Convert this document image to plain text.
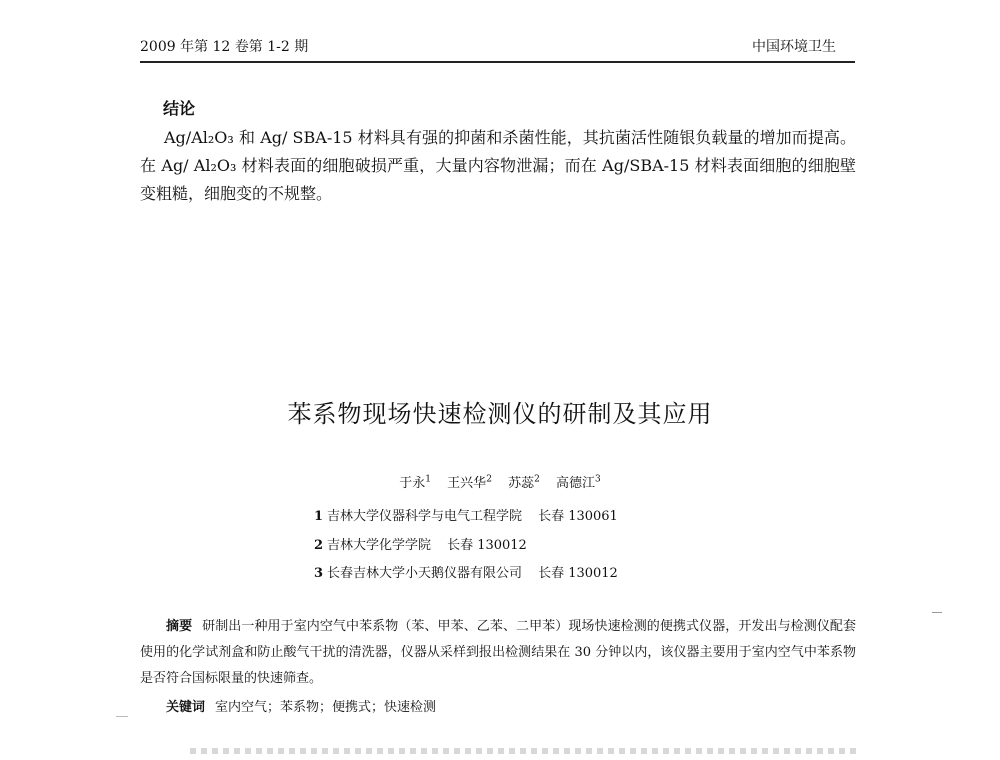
2009 年第 12 卷第 1-2 期	中国环境卫生
结论
Ag/Al₂O₃ 和 Ag/ SBA-15 材料具有强的抑菌和杀菌性能，其抗菌活性随银负载量的增加而提高。在 Ag/ Al₂O₃ 材料表面的细胞破损严重，大量内容物泄漏；而在 Ag/SBA-15 材料表面细胞的细胞壁变粗糙，细胞变的不规整。
苯系物现场快速检测仪的研制及其应用
于永$^1$ 王兴华$^2$ 苏蕊$^2$ 高德江$^3$
1 吉林大学仪器科学与电气工程学院 长春 130061
2 吉林大学化学学院 长春 130012
3 长春吉林大学小天鹅仪器有限公司 长春 130012
摘要 研制出一种用于室内空气中苯系物（苯、甲苯、乙苯、二甲苯）现场快速检测的便携式仪器，开发出与检测仪配套使用的化学试剂盒和防止酸气干扰的清洗器，仪器从采样到报出检测结果在 30 分钟以内，该仪器主要用于室内空气中苯系物是否符合国标限量的快速筛查。
关键词 室内空气；苯系物；便携式；快速检测
